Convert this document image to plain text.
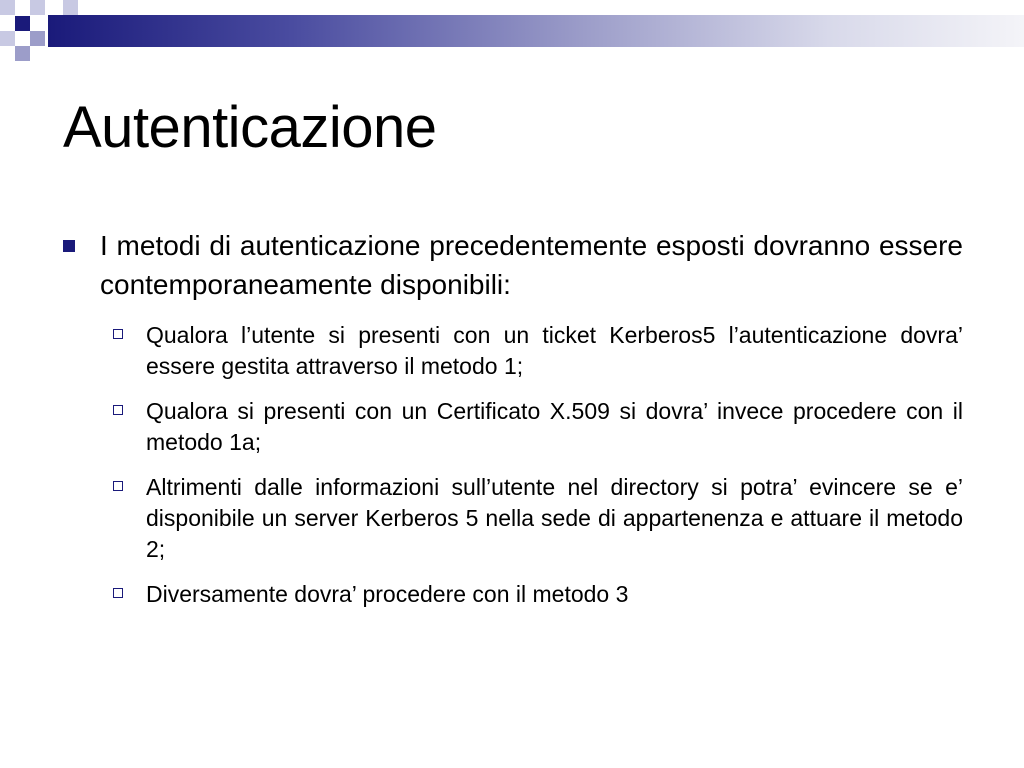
Autenticazione
I metodi di autenticazione precedentemente esposti dovranno essere contemporaneamente disponibili:
Qualora l’utente si presenti con un ticket Kerberos5 l’autenticazione dovra’ essere gestita attraverso il metodo 1;
Qualora si presenti con un Certificato X.509 si dovra’ invece procedere con il metodo 1a;
Altrimenti dalle informazioni sull’utente nel directory si potra’ evincere se e’ disponibile un server Kerberos 5 nella sede di appartenenza e attuare il metodo 2;
Diversamente dovra’ procedere con il metodo 3
